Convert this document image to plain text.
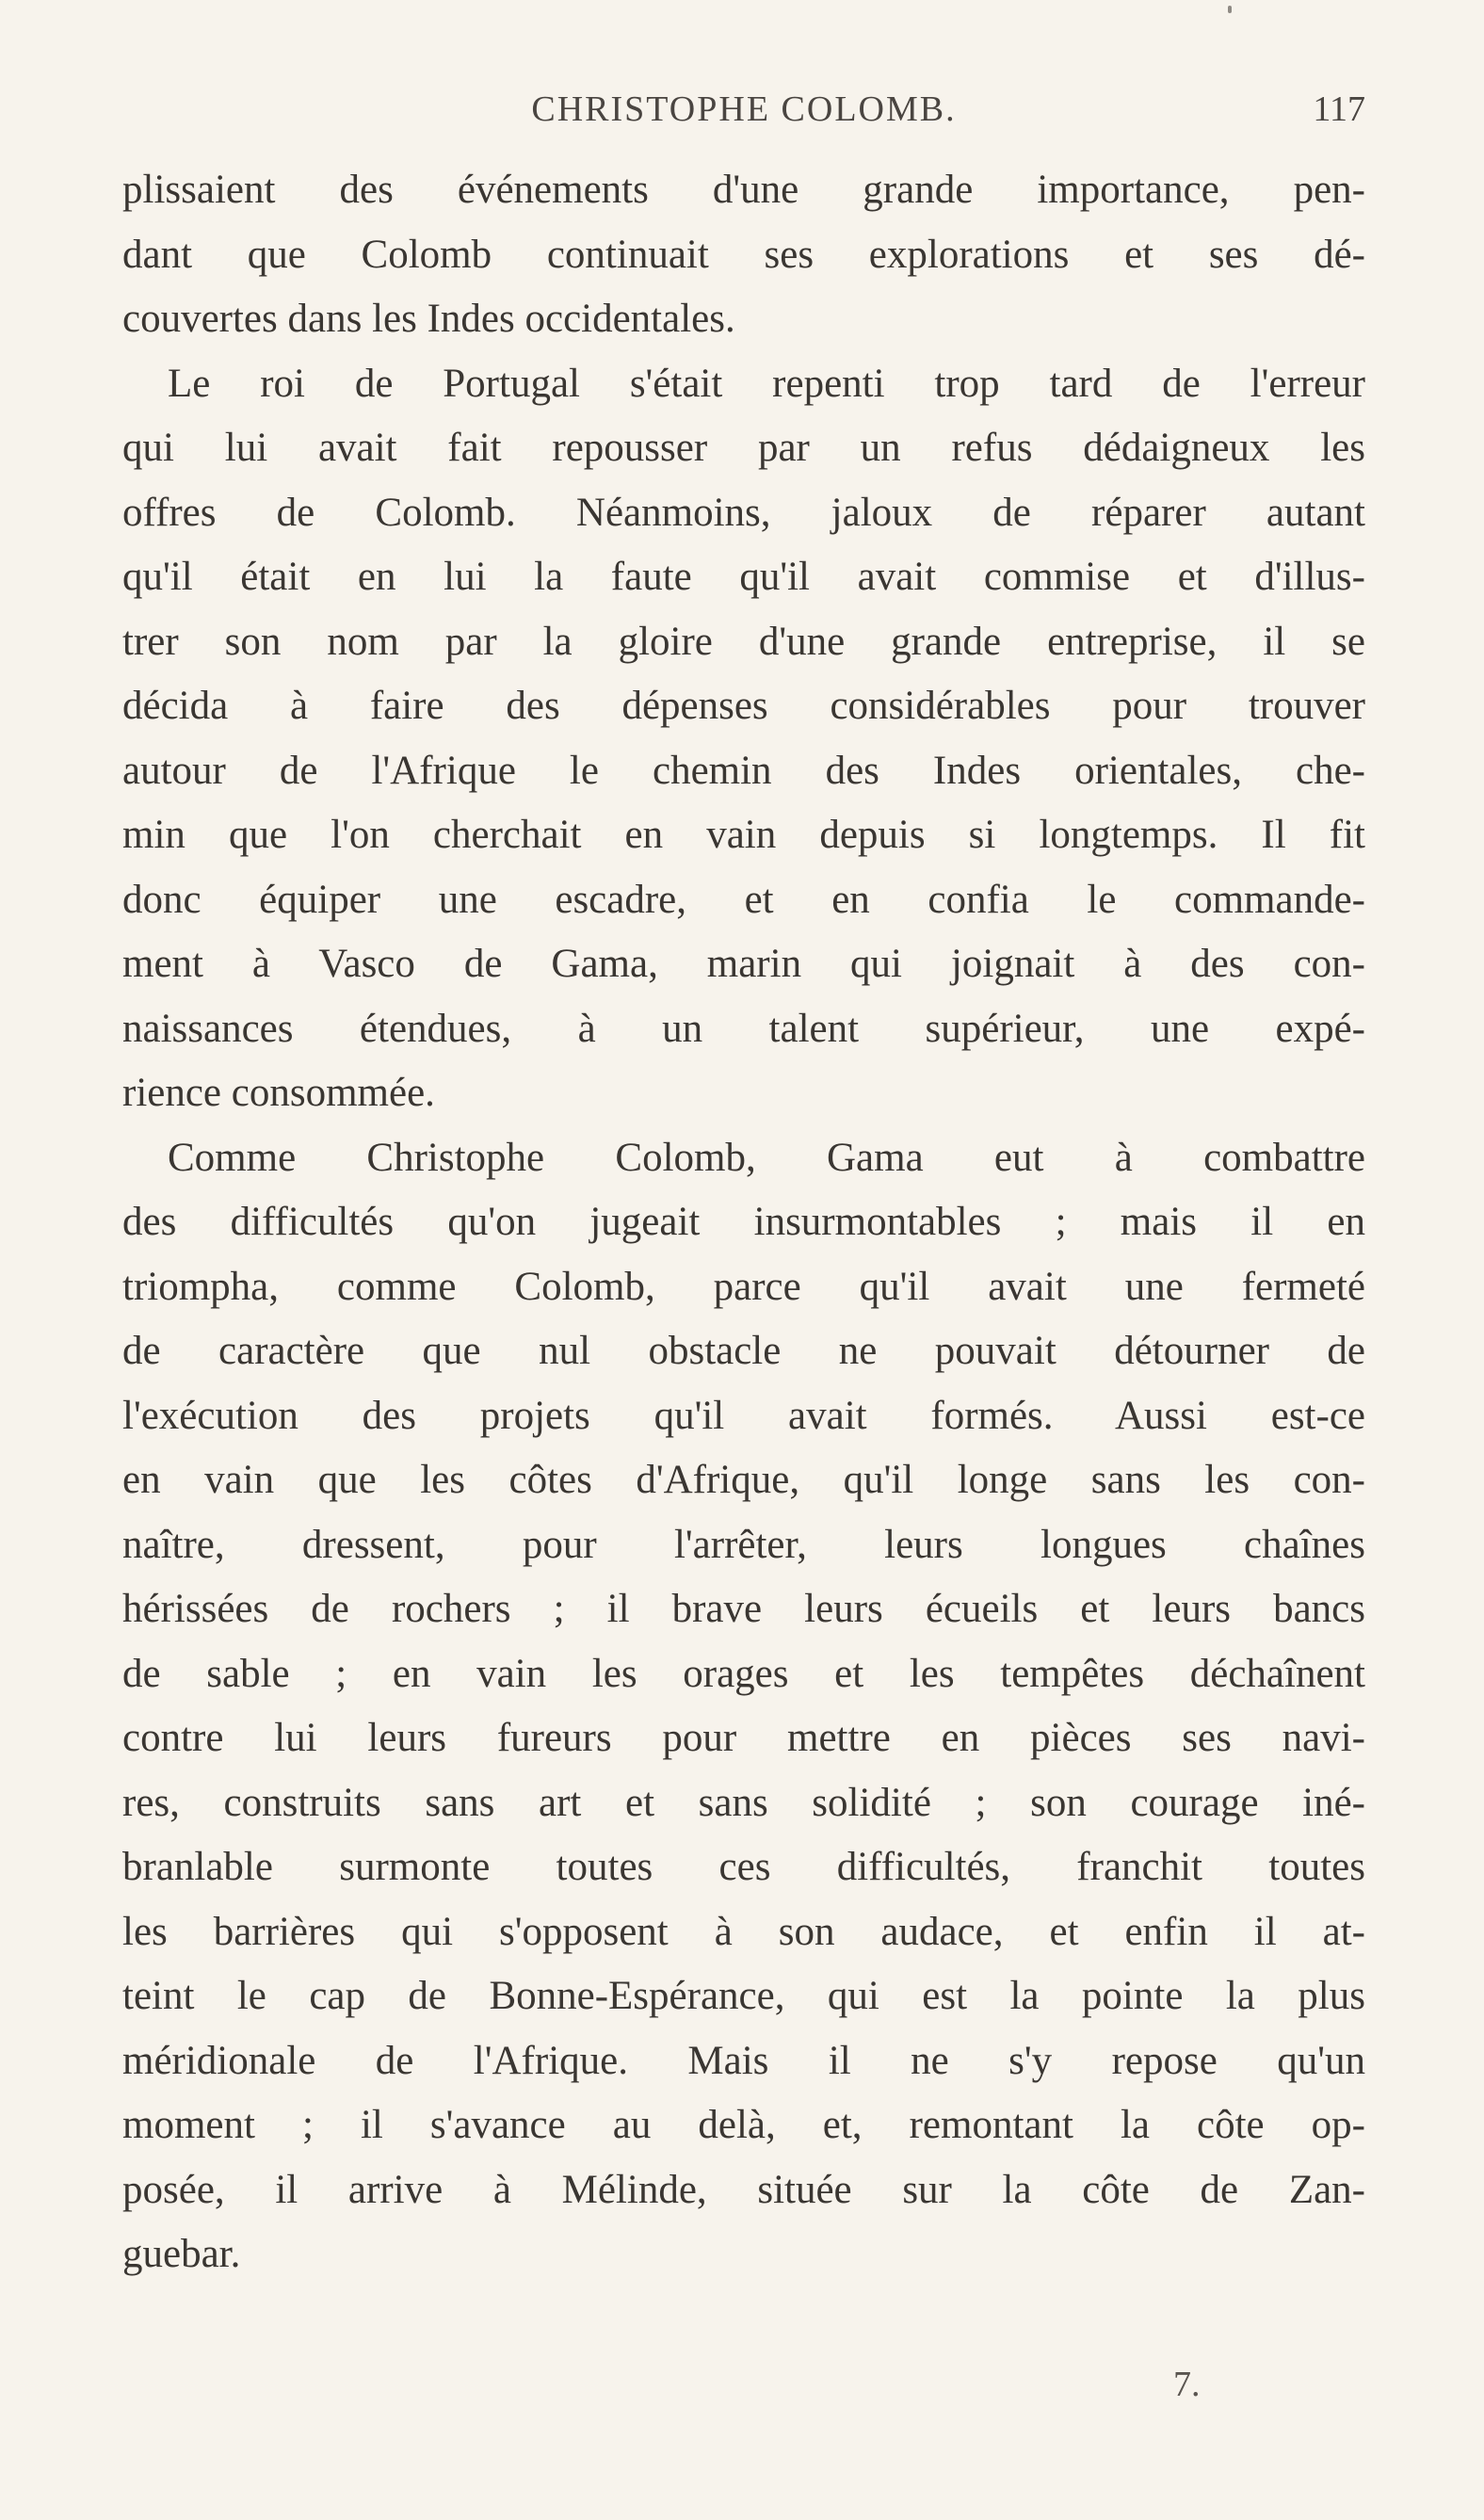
CHRISTOPHE COLOMB.	117
plissaient des événements d'une grande importance, pen-
dant que Colomb continuait ses explorations et ses dé-
couvertes dans les Indes occidentales.
Le roi de Portugal s'était repenti trop tard de l'erreur
qui lui avait fait repousser par un refus dédaigneux les
offres de Colomb. Néanmoins, jaloux de réparer autant
qu'il était en lui la faute qu'il avait commise et d'illus-
trer son nom par la gloire d'une grande entreprise, il se
décida à faire des dépenses considérables pour trouver
autour de l'Afrique le chemin des Indes orientales, che-
min que l'on cherchait en vain depuis si longtemps. Il fit
donc équiper une escadre, et en confia le commande-
ment à Vasco de Gama, marin qui joignait à des con-
naissances étendues, à un talent supérieur, une expé-
rience consommée.
Comme Christophe Colomb, Gama eut à combattre
des difficultés qu'on jugeait insurmontables ; mais il en
triompha, comme Colomb, parce qu'il avait une fermeté
de caractère que nul obstacle ne pouvait détourner de
l'exécution des projets qu'il avait formés. Aussi est-ce
en vain que les côtes d'Afrique, qu'il longe sans les con-
naître, dressent, pour l'arrêter, leurs longues chaînes
hérissées de rochers ; il brave leurs écueils et leurs bancs
de sable ; en vain les orages et les tempêtes déchaînent
contre lui leurs fureurs pour mettre en pièces ses navi-
res, construits sans art et sans solidité ; son courage iné-
branlable surmonte toutes ces difficultés, franchit toutes
les barrières qui s'opposent à son audace, et enfin il at-
teint le cap de Bonne-Espérance, qui est la pointe la plus
méridionale de l'Afrique. Mais il ne s'y repose qu'un
moment ; il s'avance au delà, et, remontant la côte op-
posée, il arrive à Mélinde, située sur la côte de Zan-
guebar.
7.
